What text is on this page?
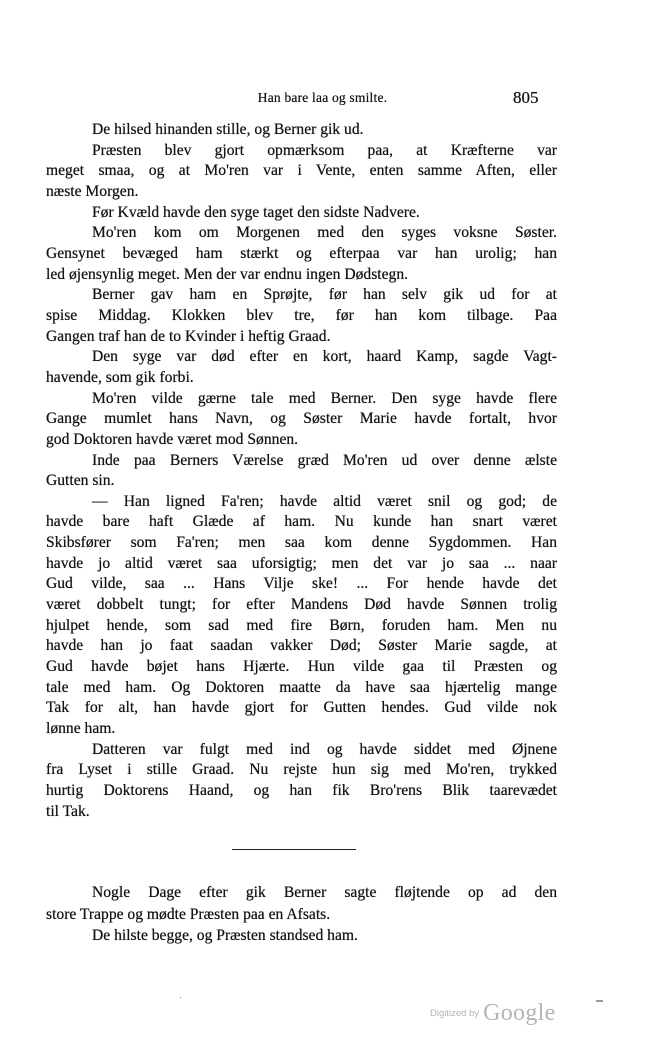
Han bare laa og smilte.	805
De hilsed hinanden stille, og Berner gik ud.
Præsten blev gjort opmærksom paa, at Kræfterne var
meget smaa, og at Mo'ren var i Vente, enten samme Aften, eller
næste Morgen.
Før Kvæld havde den syge taget den sidste Nadvere.
Mo'ren kom om Morgenen med den syges voksne Søster.
Gensynet bevæged ham stærkt og efterpaa var han urolig; han
led øjensynlig meget. Men der var endnu ingen Dødstegn.
Berner gav ham en Sprøjte, før han selv gik ud for at
spise Middag. Klokken blev tre, før han kom tilbage. Paa
Gangen traf han de to Kvinder i heftig Graad.
Den syge var død efter en kort, haard Kamp, sagde Vagt-
havende, som gik forbi.
Mo'ren vilde gærne tale med Berner. Den syge havde flere
Gange mumlet hans Navn, og Søster Marie havde fortalt, hvor
god Doktoren havde været mod Sønnen.
Inde paa Berners Værelse græd Mo'ren ud over denne ælste
Gutten sin.
— Han ligned Fa'ren; havde altid været snil og god; de
havde bare haft Glæde af ham. Nu kunde han snart været
Skibsfører som Fa'ren; men saa kom denne Sygdommen. Han
havde jo altid været saa uforsigtig; men det var jo saa ... naar
Gud vilde, saa ... Hans Vilje ske! ... For hende havde det
været dobbelt tungt; for efter Mandens Død havde Sønnen trolig
hjulpet hende, som sad med fire Børn, foruden ham. Men nu
havde han jo faat saadan vakker Død; Søster Marie sagde, at
Gud havde bøjet hans Hjærte. Hun vilde gaa til Præsten og
tale med ham. Og Doktoren maatte da have saa hjærtelig mange
Tak for alt, han havde gjort for Gutten hendes. Gud vilde nok
lønne ham.
Datteren var fulgt med ind og havde siddet med Øjnene
fra Lyset i stille Graad. Nu rejste hun sig med Mo'ren, trykked
hurtig Doktorens Haand, og han fik Bro'rens Blik taarevædet
til Tak.
Nogle Dage efter gik Berner sagte fløjtende op ad den
store Trappe og mødte Præsten paa en Afsats.
De hilste begge, og Præsten standsed ham.
Digitized by Google
